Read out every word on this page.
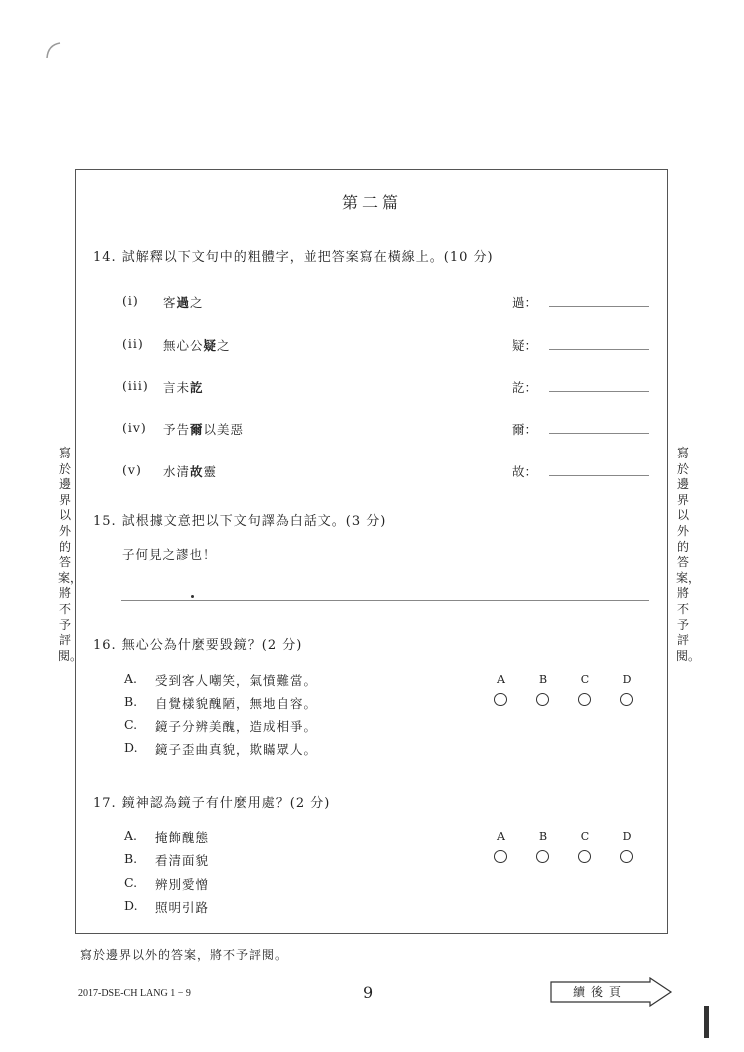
寫於邊界以外的答案，將不予評閱。
寫於邊界以外的答案，將不予評閱。
第二篇
14. 試解釋以下文句中的粗體字，並把答案寫在橫線上。(10 分)
(i) 客過之	過：
(ii) 無心公疑之	疑：
(iii) 言未訖	訖：
(iv) 予告爾以美惡	爾：
(v) 水清故靈	故：
15. 試根據文意把以下文句譯為白話文。(3 分)
子何見之謬也！
16. 無心公為什麼要毀鏡？(2 分)
A. 受到客人嘲笑，氣憤難當。
B. 自覺樣貌醜陋，無地自容。
C. 鏡子分辨美醜，造成相爭。
D. 鏡子歪曲真貌，欺瞞眾人。
A	B	C	D
17. 鏡神認為鏡子有什麼用處？(2 分)
A. 掩飾醜態
B. 看清面貌
C. 辨別愛憎
D. 照明引路
A	B	C	D
寫於邊界以外的答案，將不予評閱。
2017-DSE-CH LANG 1 − 9	9	續後頁
